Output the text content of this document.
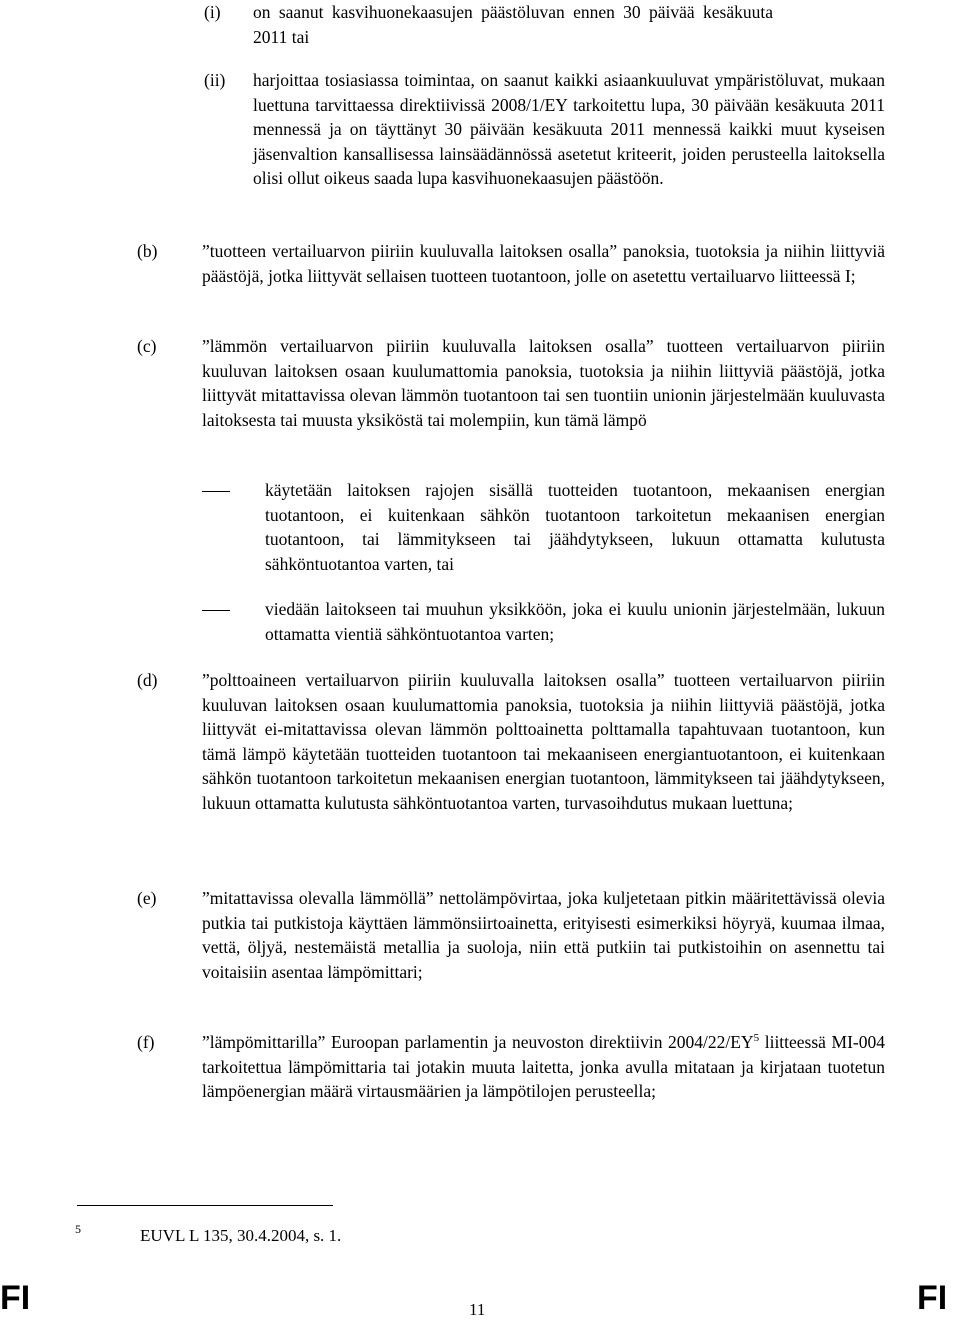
(i) on saanut kasvihuonekaasujen päästöluvan ennen 30 päivää kesäkuuta 2011 tai
(ii) harjoittaa tosiasiassa toimintaa, on saanut kaikki asiaankuuluvat ympäristöluvat, mukaan luettuna tarvittaessa direktiivissä 2008/1/EY tarkoitettu lupa, 30 päivään kesäkuuta 2011 mennessä ja on täyttänyt 30 päivään kesäkuuta 2011 mennessä kaikki muut kyseisen jäsenvaltion kansallisessa lainsäädännössä asetetut kriteerit, joiden perusteella laitoksella olisi ollut oikeus saada lupa kasvihuonekaasujen päästöön.
(b)	”tuotteen vertailuarvon piiriin kuuluvalla laitoksen osalla” panoksia, tuotoksia ja niihin liittyviä päästöjä, jotka liittyvät sellaisen tuotteen tuotantoon, jolle on asetettu vertailuarvo liitteessä I;
(c)	”lämmön vertailuarvon piiriin kuuluvalla laitoksen osalla” tuotteen vertailuarvon piiriin kuuluvan laitoksen osaan kuulumattomia panoksia, tuotoksia ja niihin liittyviä päästöjä, jotka liittyvät mitattavissa olevan lämmön tuotantoon tai sen tuontiin unionin järjestelmään kuuluvasta laitoksesta tai muusta yksiköstä tai molempiin, kun tämä lämpö
käytetään laitoksen rajojen sisällä tuotteiden tuotantoon, mekaanisen energian tuotantoon, ei kuitenkaan sähkön tuotantoon tarkoitetun mekaanisen energian tuotantoon, tai lämmitykseen tai jäähdytykseen, lukuun ottamatta kulutusta sähköntuotantoa varten, tai
viedään laitokseen tai muuhun yksikköön, joka ei kuulu unionin järjestelmään, lukuun ottamatta vientiä sähköntuotantoa varten;
(d)	”polttoaineen vertailuarvon piiriin kuuluvalla laitoksen osalla” tuotteen vertailuarvon piiriin kuuluvan laitoksen osaan kuulumattomia panoksia, tuotoksia ja niihin liittyviä päästöjä, jotka liittyvät ei-mitattavissa olevan lämmön polttoainetta polttamalla tapahtuvaan tuotantoon, kun tämä lämpö käytetään tuotteiden tuotantoon tai mekaaniseen energiantuotantoon, ei kuitenkaan sähkön tuotantoon tarkoitetun mekaanisen energian tuotantoon, lämmitykseen tai jäähdytykseen, lukuun ottamatta kulutusta sähköntuotantoa varten, turvasoihdutus mukaan luettuna;
(e)	”mitattavissa olevalla lämmöllä” nettolämpövirtaa, joka kuljetetaan pitkin määritettävissä olevia putkia tai putkistoja käyttäen lämmönsiirtoainetta, erityisesti esimerkiksi höyryä, kuumaa ilmaa, vettä, öljyä, nestemäistä metallia ja suoloja, niin että putkiin tai putkistoihin on asennettu tai voitaisiin asentaa lämpömittari;
(f)	”lämpömittarilla” Euroopan parlamentin ja neuvoston direktiivin $2004/22/EY^5$ liitteessä MI-004 tarkoitettua lämpömittaria tai jotakin muuta laitetta, jonka avulla mitataan ja kirjataan tuotetun lämpöenergian määrä virtausmäärien ja lämpötilojen perusteella;
5	EUVL L 135, 30.4.2004, s. 1.
FI	11	FI
